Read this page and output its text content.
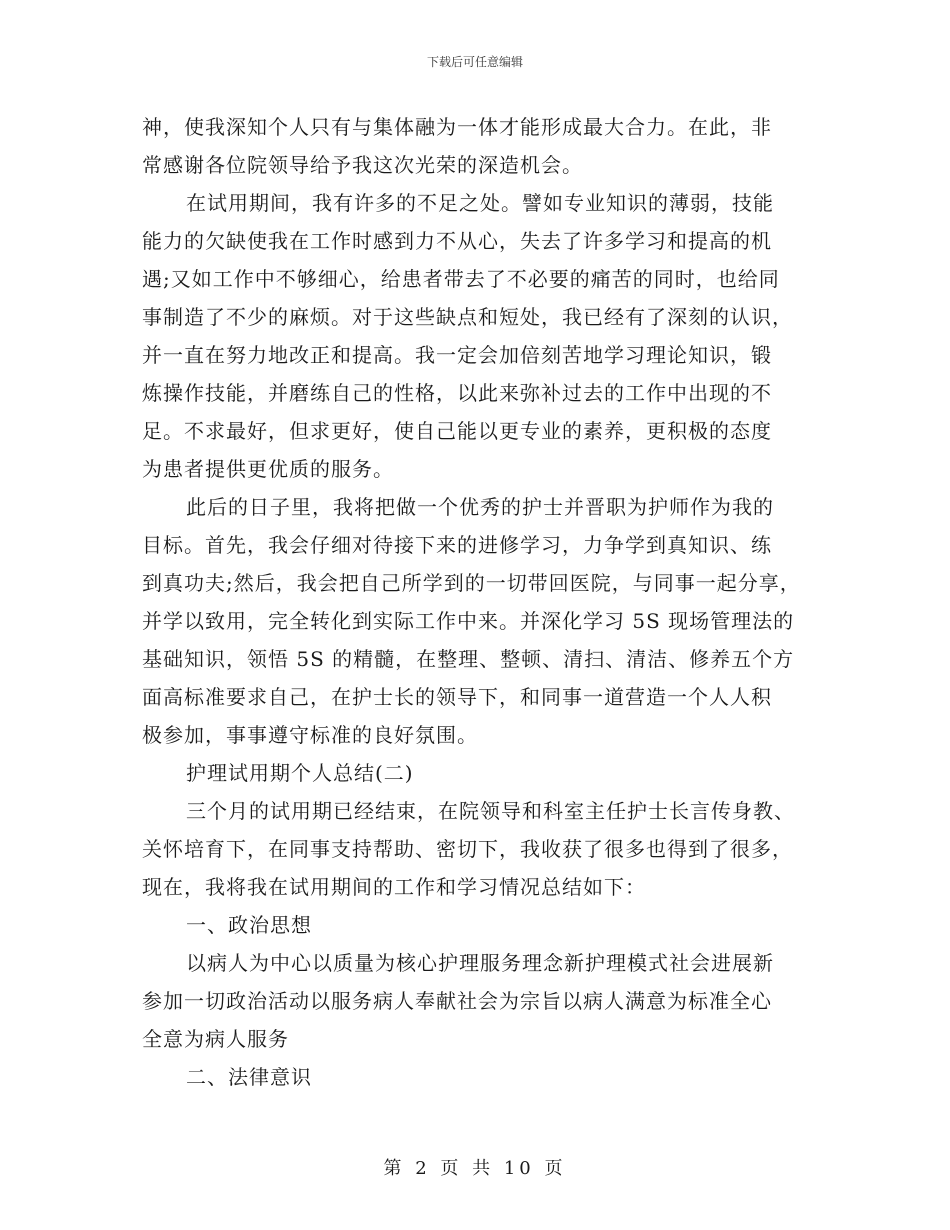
下载后可任意编辑
神，使我深知个人只有与集体融为一体才能形成最大合力。在此，非
常感谢各位院领导给予我这次光荣的深造机会。
在试用期间，我有许多的不足之处。譬如专业知识的薄弱，技能
能力的欠缺使我在工作时感到力不从心，失去了许多学习和提高的机
遇;又如工作中不够细心，给患者带去了不必要的痛苦的同时，也给同
事制造了不少的麻烦。对于这些缺点和短处，我已经有了深刻的认识，
并一直在努力地改正和提高。我一定会加倍刻苦地学习理论知识，锻
炼操作技能，并磨练自己的性格，以此来弥补过去的工作中出现的不
足。不求最好，但求更好，使自己能以更专业的素养，更积极的态度
为患者提供更优质的服务。
此后的日子里，我将把做一个优秀的护士并晋职为护师作为我的
目标。首先，我会仔细对待接下来的进修学习，力争学到真知识、练
到真功夫;然后，我会把自己所学到的一切带回医院，与同事一起分享，
并学以致用，完全转化到实际工作中来。并深化学习 5S 现场管理法的
基础知识，领悟 5S 的精髓，在整理、整顿、清扫、清洁、修养五个方
面高标准要求自己，在护士长的领导下，和同事一道营造一个人人积
极参加，事事遵守标准的良好氛围。
护理试用期个人总结(二)
三个月的试用期已经结束，在院领导和科室主任护士长言传身教、
关怀培育下，在同事支持帮助、密切下，我收获了很多也得到了很多，
现在，我将我在试用期间的工作和学习情况总结如下：
一、政治思想
以病人为中心以质量为核心护理服务理念新护理模式社会进展新
参加一切政治活动以服务病人奉献社会为宗旨以病人满意为标准全心
全意为病人服务
二、法律意识
第 2 页 共 10 页
